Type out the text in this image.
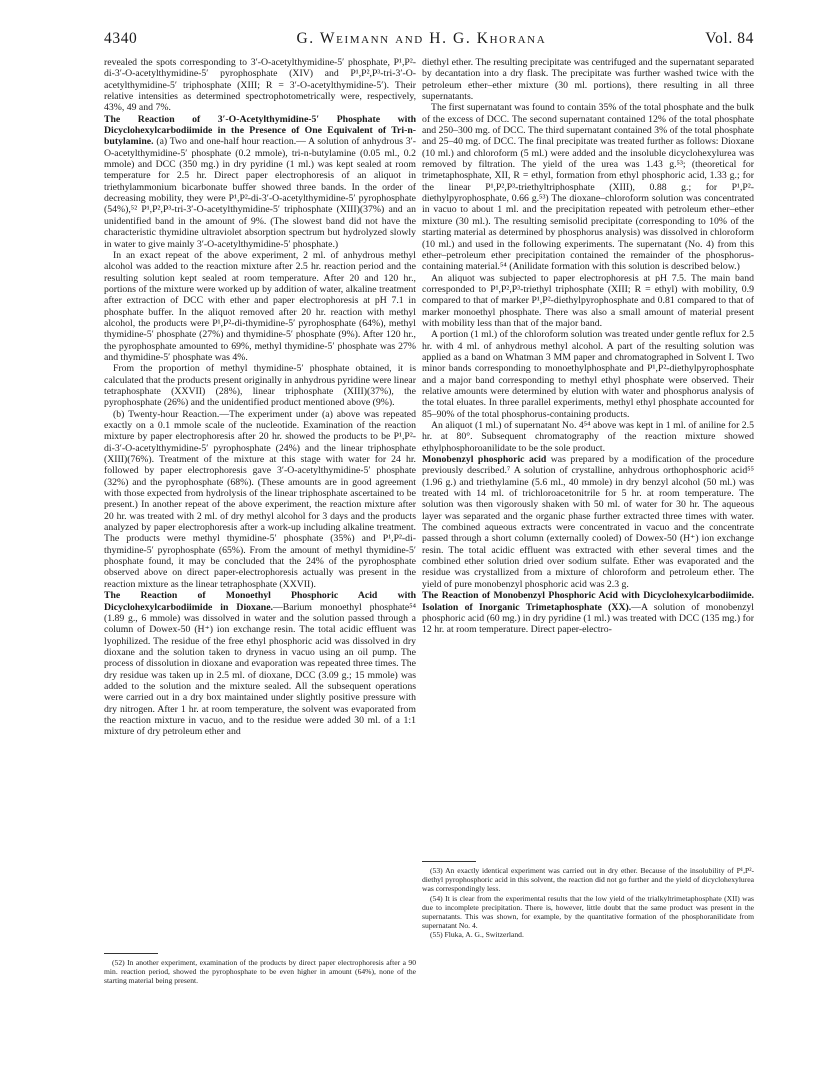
4340	G. Weimann and H. G. Khorana	Vol. 84

revealed the spots corresponding to 3′-O-acetylthymidine-5′ phosphate, P¹,P²-di-3′-O-acetylthymidine-5′ pyrophosphate (XIV) and P¹,P²,P³-tri-3′-O-acetylthymidine-5′ triphosphate (XIII; R = 3′-O-acetylthymidine-5′). Their relative intensities as determined spectrophotometrically were, respectively, 43%, 49 and 7%.

The Reaction of 3′-O-Acetylthymidine-5′ Phosphate with Dicyclohexylcarbodiimide in the Presence of One Equivalent of Tri-n-butylamine. (a) Two and one-half hour reaction.— A solution of anhydrous 3′-O-acetylthymidine-5′ phosphate (0.2 mmole), tri-n-butylamine (0.05 ml., 0.2 mmole) and DCC (350 mg.) in dry pyridine (1 ml.) was kept sealed at room temperature for 2.5 hr. Direct paper electrophoresis of an aliquot in triethylammonium bicarbonate buffer showed three bands. In the order of decreasing mobility, they were P¹,P²-di-3′-O-acetylthymidine-5′ pyrophosphate (54%),⁵² P¹,P²,P³-tri-3′-O-acetylthymidine-5′ triphosphate (XIII)(37%) and an unidentified band in the amount of 9%. (The slowest band did not have the characteristic thymidine ultraviolet absorption spectrum but hydrolyzed slowly in water to give mainly 3′-O-acetylthymidine-5′ phosphate.)

In an exact repeat of the above experiment, 2 ml. of anhydrous methyl alcohol was added to the reaction mixture after 2.5 hr. reaction period and the resulting solution kept sealed at room temperature. After 20 and 120 hr., portions of the mixture were worked up by addition of water, alkaline treatment after extraction of DCC with ether and paper electrophoresis at pH 7.1 in phosphate buffer. In the aliquot removed after 20 hr. reaction with methyl alcohol, the products were P¹,P²-di-thymidine-5′ pyrophosphate (64%), methyl thymidine-5′ phosphate (27%) and thymidine-5′ phosphate (9%). After 120 hr., the pyrophosphate amounted to 69%, methyl thymidine-5′ phosphate was 27% and thymidine-5′ phosphate was 4%.

From the proportion of methyl thymidine-5′ phosphate obtained, it is calculated that the products present originally in anhydrous pyridine were linear tetraphosphate (XXVII) (28%), linear triphosphate (XIII)(37%), the pyrophosphate (26%) and the unidentified product mentioned above (9%).

(b) Twenty-hour Reaction.—The experiment under (a) above was repeated exactly on a 0.1 mmole scale of the nucleotide. Examination of the reaction mixture by paper electrophoresis after 20 hr. showed the products to be P¹,P²-di-3′-O-acetylthymidine-5′ pyrophosphate (24%) and the linear triphosphate (XIII)(76%). Treatment of the mixture at this stage with water for 24 hr. followed by paper electrophoresis gave 3′-O-acetylthymidine-5′ phosphate (32%) and the pyrophosphate (68%). (These amounts are in good agreement with those expected from hydrolysis of the linear triphosphate ascertained to be present.) In another repeat of the above experiment, the reaction mixture after 20 hr. was treated with 2 ml. of dry methyl alcohol for 3 days and the products analyzed by paper electrophoresis after a work-up including alkaline treatment. The products were methyl thymidine-5′ phosphate (35%) and P¹,P²-di-thymidine-5′ pyrophosphate (65%). From the amount of methyl thymidine-5′ phosphate found, it may be concluded that the 24% of the pyrophosphate observed above on direct paper-electrophoresis actually was present in the reaction mixture as the linear tetraphosphate (XXVII).

The Reaction of Monoethyl Phosphoric Acid with Dicyclohexylcarbodiimide in Dioxane.—Barium monoethyl phosphate⁵⁴ (1.89 g., 6 mmole) was dissolved in water and the solution passed through a column of Dowex-50 (H⁺) ion exchange resin. The total acidic effluent was lyophilized. The residue of the free ethyl phosphoric acid was dissolved in dry dioxane and the solution taken to dryness in vacuo using an oil pump. The process of dissolution in dioxane and evaporation was repeated three times. The dry residue was taken up in 2.5 ml. of dioxane, DCC (3.09 g.; 15 mmole) was added to the solution and the mixture sealed. All the subsequent operations were carried out in a dry box maintained under slightly positive pressure with dry nitrogen. After 1 hr. at room temperature, the solvent was evaporated from the reaction mixture in vacuo, and to the residue were added 30 ml. of a 1:1 mixture of dry petroleum ether and

diethyl ether. The resulting precipitate was centrifuged and the supernatant separated by decantation into a dry flask. The precipitate was further washed twice with the petroleum ether–ether mixture (30 ml. portions), there resulting in all three supernatants.

The first supernatant was found to contain 35% of the total phosphate and the bulk of the excess of DCC. The second supernatant contained 12% of the total phosphate and 250–300 mg. of DCC. The third supernatant contained 3% of the total phosphate and 25–40 mg. of DCC. The final precipitate was treated further as follows: Dioxane (10 ml.) and chloroform (5 ml.) were added and the insoluble dicyclohexylurea was removed by filtration. The yield of the urea was 1.43 g.⁵³; (theoretical for trimetaphosphate, XII, R = ethyl, formation from ethyl phosphoric acid, 1.33 g.; for the linear P¹,P²,P³-triethyltriphosphate (XIII), 0.88 g.; for P¹,P²-diethylpyrophosphate, 0.66 g.⁵³) The dioxane–chloroform solution was concentrated in vacuo to about 1 ml. and the precipitation repeated with petroleum ether–ether mixture (30 ml.). The resulting semisolid precipitate (corresponding to 10% of the starting material as determined by phosphorus analysis) was dissolved in chloroform (10 ml.) and used in the following experiments. The supernatant (No. 4) from this ether–petroleum ether precipitation contained the remainder of the phosphorus-containing material.⁵⁴ (Anilidate formation with this solution is described below.)

An aliquot was subjected to paper electrophoresis at pH 7.5. The main band corresponded to P¹,P²,P³-triethyl triphosphate (XIII; R = ethyl) with mobility, 0.9 compared to that of marker P¹,P²-diethylpyrophosphate and 0.81 compared to that of marker monoethyl phosphate. There was also a small amount of material present with mobility less than that of the major band.

A portion (1 ml.) of the chloroform solution was treated under gentle reflux for 2.5 hr. with 4 ml. of anhydrous methyl alcohol. A part of the resulting solution was applied as a band on Whatman 3 MM paper and chromatographed in Solvent I. Two minor bands corresponding to monoethylphosphate and P¹,P²-diethylpyrophosphate and a major band corresponding to methyl ethyl phosphate were observed. Their relative amounts were determined by elution with water and phosphorus analysis of the total eluates. In three parallel experiments, methyl ethyl phosphate accounted for 85–90% of the total phosphorus-containing products.

An aliquot (1 ml.) of supernatant No. 4⁵⁴ above was kept in 1 ml. of aniline for 2.5 hr. at 80°. Subsequent chromatography of the reaction mixture showed ethylphosphoroanilidate to be the sole product.

Monobenzyl phosphoric acid was prepared by a modification of the procedure previously described.⁷ A solution of crystalline, anhydrous orthophosphoric acid⁵⁵ (1.96 g.) and triethylamine (5.6 ml., 40 mmole) in dry benzyl alcohol (50 ml.) was treated with 14 ml. of trichloroacetonitrile for 5 hr. at room temperature. The solution was then vigorously shaken with 50 ml. of water for 30 hr. The aqueous layer was separated and the organic phase further extracted three times with water. The combined aqueous extracts were concentrated in vacuo and the concentrate passed through a short column (externally cooled) of Dowex-50 (H⁺) ion exchange resin. The total acidic effluent was extracted with ether several times and the combined ether solution dried over sodium sulfate. Ether was evaporated and the residue was crystallized from a mixture of chloroform and petroleum ether. The yield of pure monobenzyl phosphoric acid was 2.3 g.

The Reaction of Monobenzyl Phosphoric Acid with Dicyclohexylcarbodiimide. Isolation of Inorganic Trimetaphosphate (XX).—A solution of monobenzyl phosphoric acid (60 mg.) in dry pyridine (1 ml.) was treated with DCC (135 mg.) for 12 hr. at room temperature. Direct paper-electro-

(52) In another experiment, examination of the products by direct paper electrophoresis after a 90 min. reaction period, showed the pyrophosphate to be even higher in amount (64%), none of the starting material being present.

(53) An exactly identical experiment was carried out in dry ether. Because of the insolubility of P¹,P²-diethyl pyrophosphoric acid in this solvent, the reaction did not go further and the yield of dicyclohexylurea was correspondingly less.

(54) It is clear from the experimental results that the low yield of the trialkyltrimetaphosphate (XII) was due to incomplete precipitation. There is, however, little doubt that the same product was present in the supernatants. This was shown, for example, by the quantitative formation of the phosphoranilidate from supernatant No. 4.

(55) Fluka, A. G., Switzerland.
